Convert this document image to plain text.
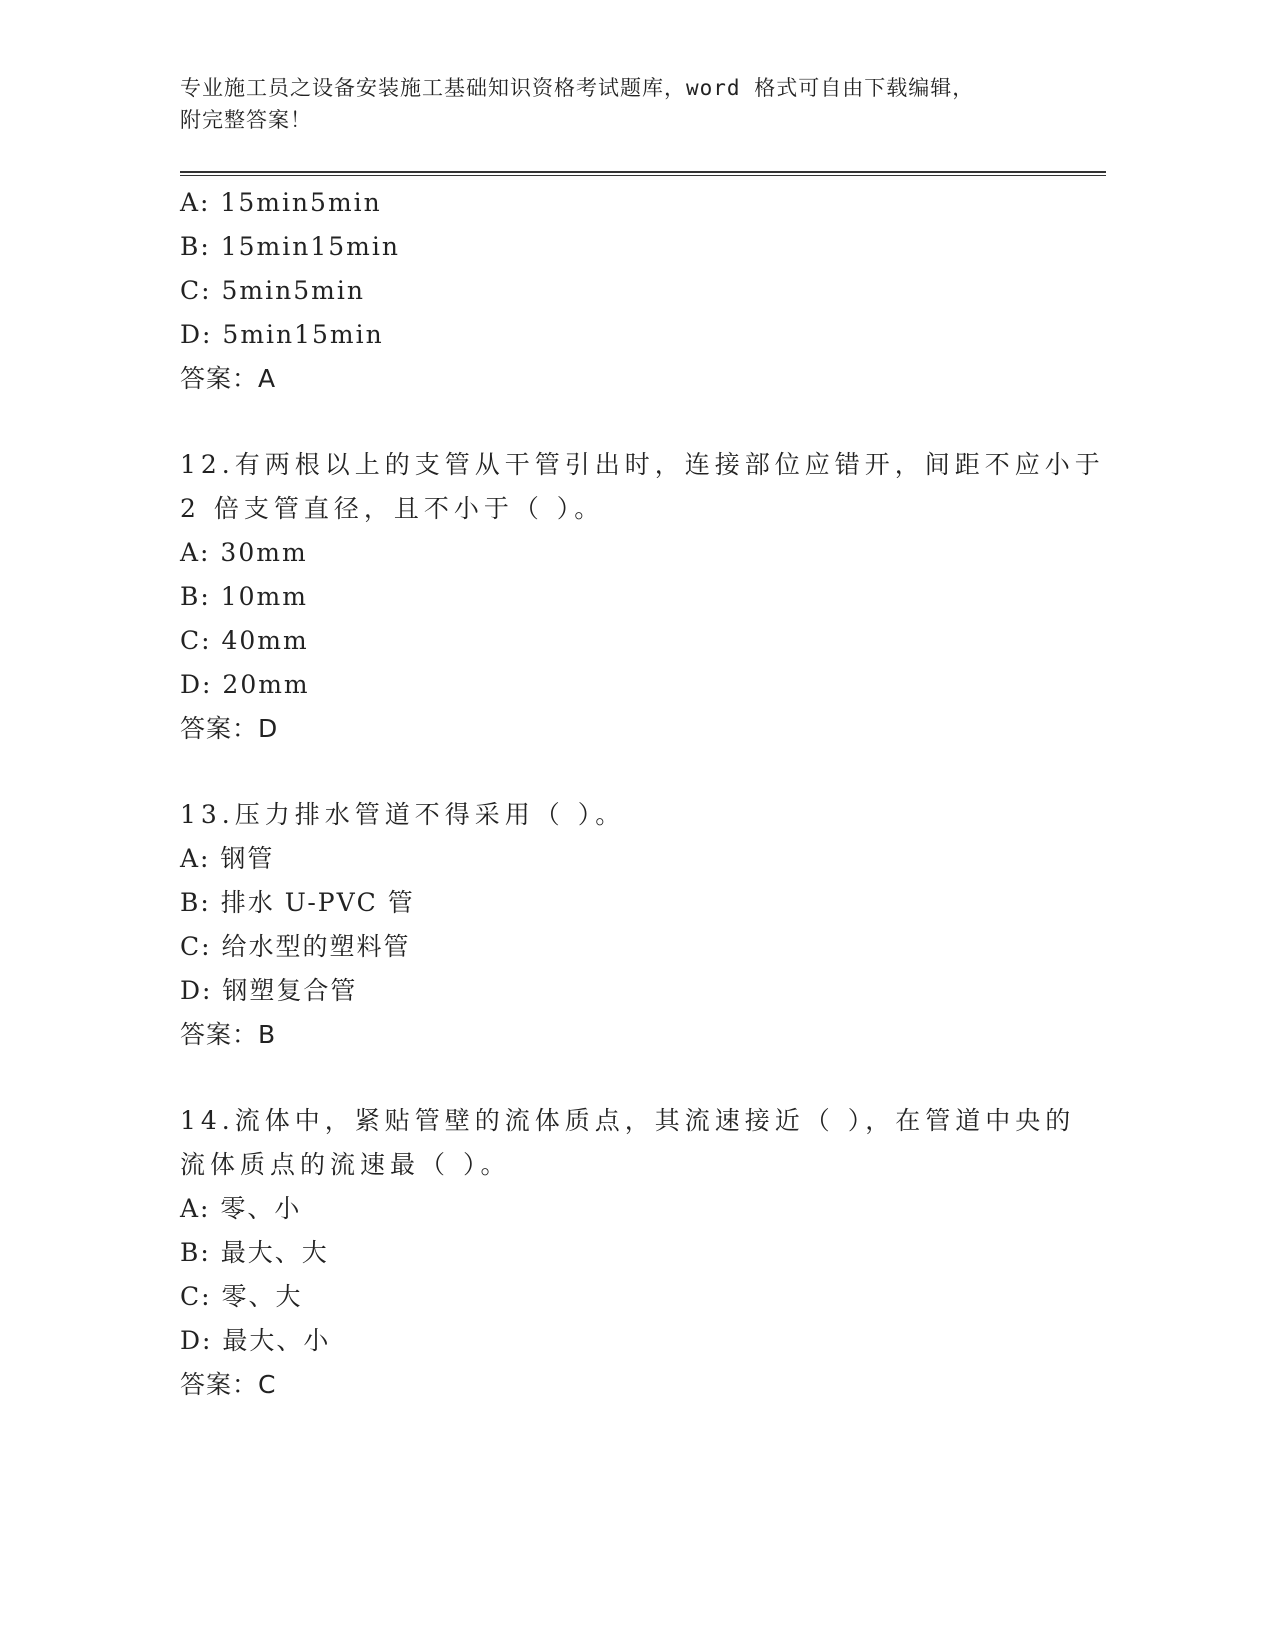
专业施工员之设备安装施工基础知识资格考试题库，word 格式可自由下载编辑，
附完整答案！
A: 15min5min
B: 15min15min
C: 5min5min
D: 5min15min
答案：A
12.有两根以上的支管从干管引出时，连接部位应错开，间距不应小于
2 倍支管直径，且不小于（ ）。
A: 30mm
B: 10mm
C: 40mm
D: 20mm
答案：D
13.压力排水管道不得采用（ ）。
A: 钢管
B: 排水 U-PVC 管
C: 给水型的塑料管
D: 钢塑复合管
答案：B
14.流体中，紧贴管壁的流体质点，其流速接近（ ），在管道中央的
流体质点的流速最（ ）。
A: 零、小
B: 最大、大
C: 零、大
D: 最大、小
答案：C
